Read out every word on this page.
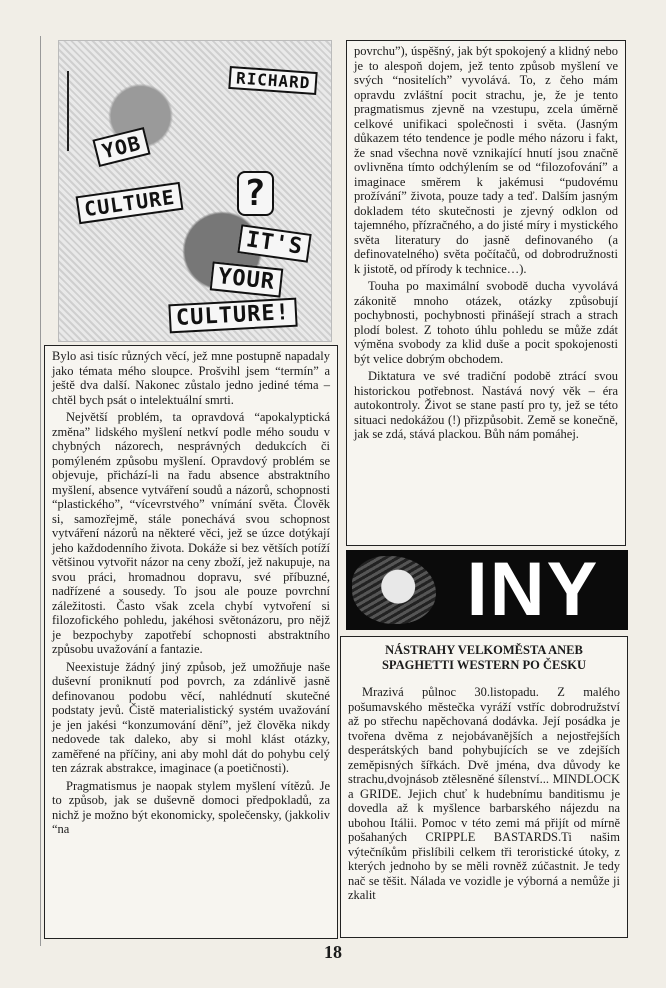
RICHARD
YOB
CULTURE ?
IT'S
YOUR
CULTURE!

Bylo asi tisíc různých věcí, jež mne postupně napadaly jako témata mého sloupce. Prošvihl jsem “termín” a ještě dva další. Nakonec zůstalo jedno jediné téma – chtěl bych psát o intelektuální smrti.

Největší problém, ta opravdová “apokalyptická změna” lidského myšlení netkví podle mého soudu v chybných názorech, nesprávných dedukcích či pomýleném způsobu myšlení. Opravdový problém se objevuje, přichází-li na řadu absence abstraktního myšlení, absence vytváření soudů a názorů, schopnosti “plastického”, “vícevrstvého” vnímání světa. Člověk si, samozřejmě, stále ponechává svou schopnost vytváření názorů na některé věci, jež se úzce dotýkají jeho každodenního života. Dokáže si bez větších potíží většinou vytvořit názor na ceny zboží, jež nakupuje, na svou práci, hromadnou dopravu, své příbuzné, nadřízené a sousedy. To jsou ale pouze povrchní záležitosti. Často však zcela chybí vytvoření si filozofického pohledu, jakéhosi světonázoru, pro nějž je bezpochyby zapotřebí schopnosti abstraktního způsobu uvažování a fantazie.

Neexistuje žádný jiný způsob, jež umožňuje naše duševní proniknutí pod povrch, za zdánlivě jasně definovanou podobu věcí, nahlédnutí skutečné podstaty jevů. Čistě materialistický systém uvažování je jen jakési “konzumování dění”, jež člověka nikdy nedovede tak daleko, aby si mohl klást otázky, zaměřené na příčiny, ani aby mohl dát do pohybu celý ten zázrak abstrakce, imaginace (a poetičnosti).

Pragmatismus je naopak stylem myšlení vítězů. Je to způsob, jak se duševně domoci předpokladů, za nichž je možno být ekonomicky, společensky, (jakkoliv “na

povrchu”), úspěšný, jak být spokojený a klidný nebo je to alespoň dojem, jež tento způsob myšlení ve svých “nositelích” vyvolává. To, z čeho mám opravdu zvláštní pocit strachu, je, že je tento pragmatismus zjevně na vzestupu, zcela úměrně celkové unifikaci společnosti i světa. (Jasným důkazem této tendence je podle mého názoru i fakt, že snad všechna nově vznikající hnutí jsou značně ovlivněna tímto odchýlením se od “filozofování” a imaginace směrem k jakémusi “pudovému prožívání” života, pouze tady a teď. Dalším jasným dokladem této skutečnosti je zjevný odklon od tajemného, přízračného, a do jisté míry i mystického světa literatury do jasně definovaného (a definovatelného) světa počítačů, od dobrodružnosti k jistotě, od přírody k technice…).

Touha po maximální svobodě ducha vyvolává zákonitě mnoho otázek, otázky způsobují pochybnosti, pochybnosti přinášejí strach a strach plodí bolest. Z tohoto úhlu pohledu se může zdát výměna svobody za klid duše a pocit spokojenosti být velice dobrým obchodem.

Diktatura ve své tradiční podobě ztrácí svou historickou potřebnost. Nastává nový věk – éra autokontroly. Život se stane pastí pro ty, jež se této situaci nedokážou (!) přizpůsobit. Země se konečně, jak se zdá, stává plackou. Bůh nám pomáhej.

INY
NÁSTRAHY VELKOMĚSTA ANEB
SPAGHETTI WESTERN PO ČESKU

Mrazivá půlnoc 30.listopadu. Z malého pošumavského městečka vyráží vstříc dobrodružství až po střechu napěchovaná dodávka. Její posádka je tvořena dvěma z nejobávanějších a nejostřejších desperátských band pohybujících se ve zdejších zeměpisných šířkách. Dvě jména, dva důvody ke strachu,dvojnásob ztělesněné šílenství... MINDLOCK a GRIDE. Jejich chuť k hudebnímu banditismu je dovedla až k myšlence barbarského nájezdu na ubohou Itálii. Pomoc v této zemi má přijít od mírně pošahaných CRIPPLE BASTARDS.Ti našim výtečníkům přislíbili celkem tři teroristické útoky, z kterých jednoho by se měli rovněž zúčastnit. Je tedy nač se těšit. Nálada ve vozidle je výborná a nemůže ji zkalit

18
